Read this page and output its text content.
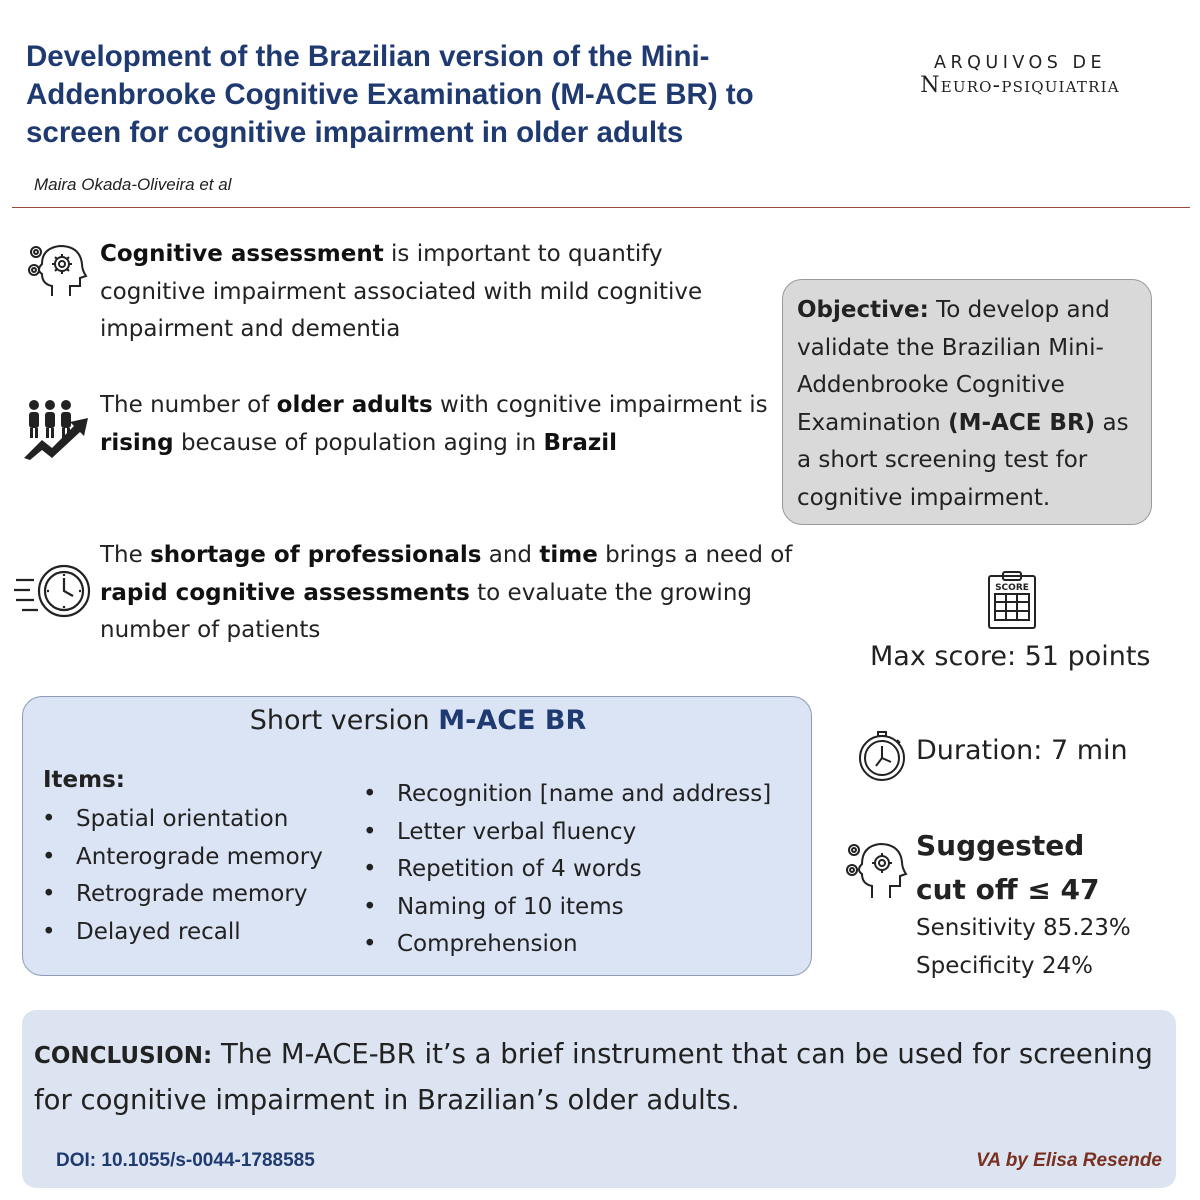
Development of the Brazilian version of the Mini-Addenbrooke Cognitive Examination (M-ACE BR) to screen for cognitive impairment in older adults
ARQUIVOS DE
Neuro-psiquiatria
Maira Okada-Oliveira et al
Cognitive assessment is important to quantify cognitive impairment associated with mild cognitive impairment and dementia
The number of older adults with cognitive impairment is rising because of population aging in Brazil
The shortage of professionals and time brings a need of rapid cognitive assessments to evaluate the growing number of patients
Objective: To develop and validate the Brazilian Mini-Addenbrooke Cognitive Examination (M-ACE BR) as a short screening test for cognitive impairment.
Short version M-ACE BR
Items:
• Spatial orientation
• Anterograde memory
• Retrograde memory
• Delayed recall
• Recognition [name and address]
• Letter verbal fluency
• Repetition of 4 words
• Naming of 10 items
• Comprehension
SCORE
Max score: 51 points
Duration: 7 min
Suggested
cut off ≤ 47
Sensitivity 85.23%
Specificity 24%
CONCLUSION: The M-ACE-BR it’s a brief instrument that can be used for screening for cognitive impairment in Brazilian’s older adults.
DOI: 10.1055/s-0044-1788585	VA by Elisa Resende
